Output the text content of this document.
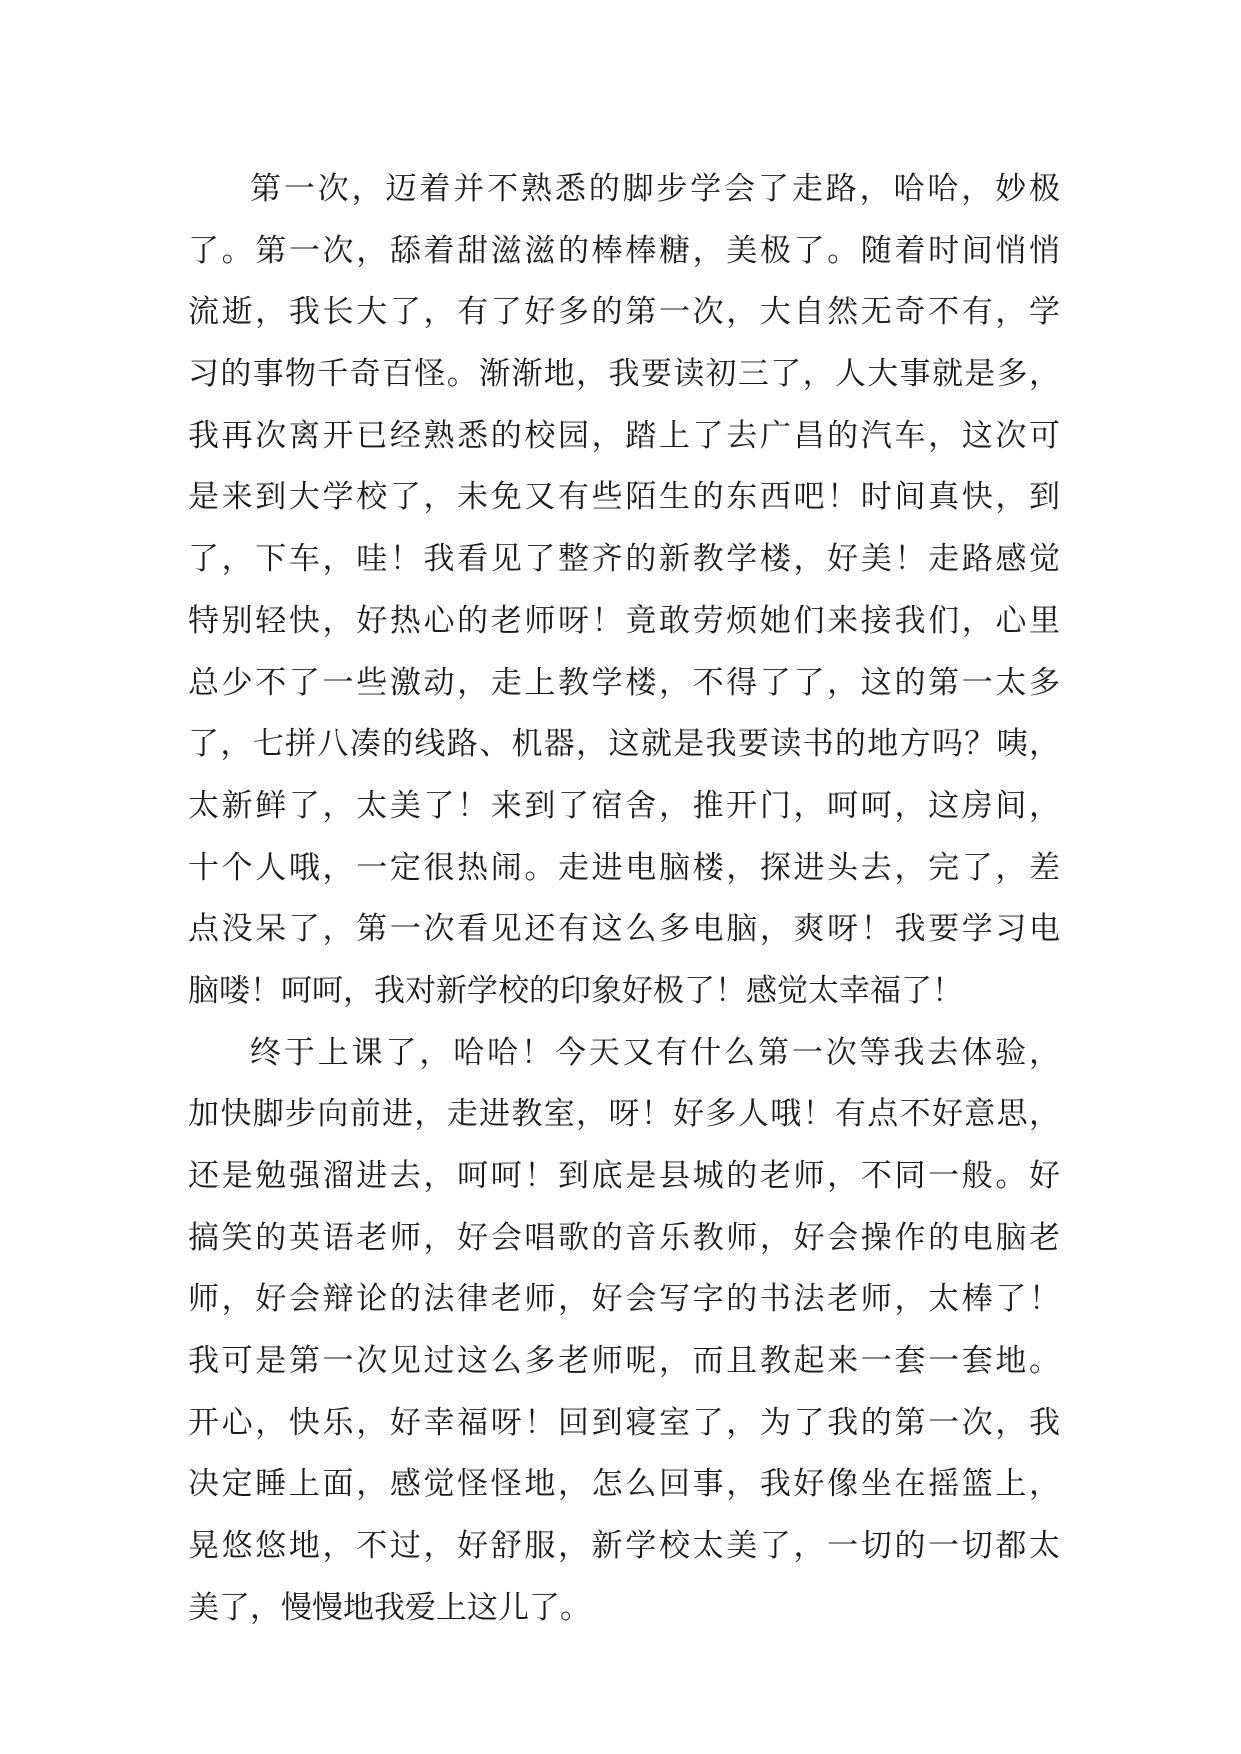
第一次，迈着并不熟悉的脚步学会了走路，哈哈，妙极
了。第一次，舔着甜滋滋的棒棒糖，美极了。随着时间悄悄
流逝，我长大了，有了好多的第一次，大自然无奇不有，学
习的事物千奇百怪。渐渐地，我要读初三了，人大事就是多，
我再次离开已经熟悉的校园，踏上了去广昌的汽车，这次可
是来到大学校了，未免又有些陌生的东西吧！时间真快，到
了，下车，哇！我看见了整齐的新教学楼，好美！走路感觉
特别轻快，好热心的老师呀！竟敢劳烦她们来接我们，心里
总少不了一些激动，走上教学楼，不得了了，这的第一太多
了，七拼八凑的线路、机器，这就是我要读书的地方吗？咦，
太新鲜了，太美了！来到了宿舍，推开门，呵呵，这房间，
十个人哦，一定很热闹。走进电脑楼，探进头去，完了，差
点没呆了，第一次看见还有这么多电脑，爽呀！我要学习电
脑喽！呵呵，我对新学校的印象好极了！感觉太幸福了！
终于上课了，哈哈！今天又有什么第一次等我去体验，
加快脚步向前进，走进教室，呀！好多人哦！有点不好意思，
还是勉强溜进去，呵呵！到底是县城的老师，不同一般。好
搞笑的英语老师，好会唱歌的音乐教师，好会操作的电脑老
师，好会辩论的法律老师，好会写字的书法老师，太棒了！
我可是第一次见过这么多老师呢，而且教起来一套一套地。
开心，快乐，好幸福呀！回到寝室了，为了我的第一次，我
决定睡上面，感觉怪怪地，怎么回事，我好像坐在摇篮上，
晃悠悠地，不过，好舒服，新学校太美了，一切的一切都太
美了，慢慢地我爱上这儿了。
